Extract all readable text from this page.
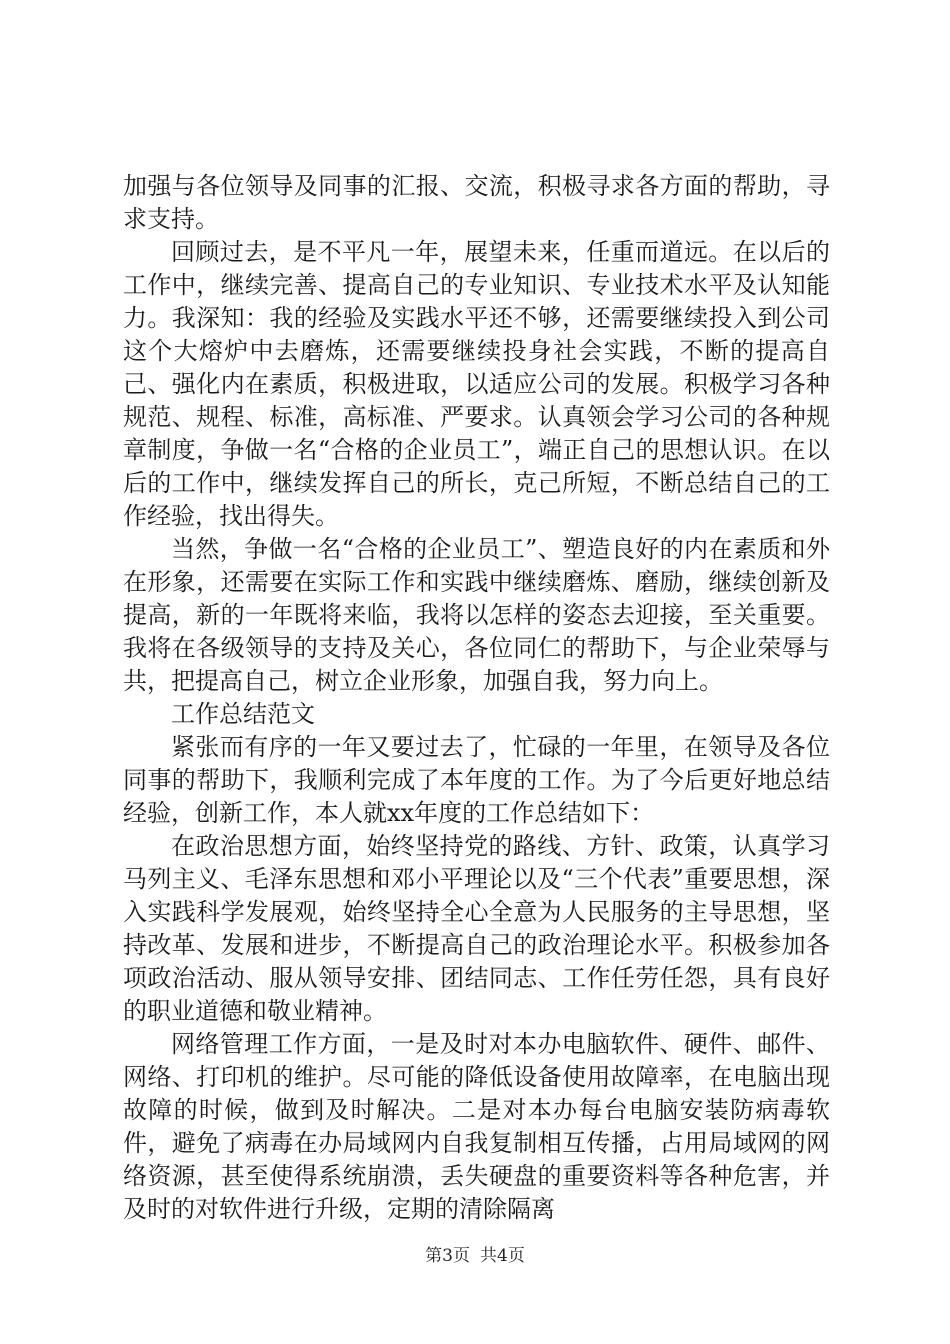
加强与各位领导及同事的汇报、交流，积极寻求各方面的帮助，寻求支持。

回顾过去，是不平凡一年，展望未来，任重而道远。在以后的工作中，继续完善、提高自己的专业知识、专业技术水平及认知能力。我深知：我的经验及实践水平还不够，还需要继续投入到公司这个大熔炉中去磨炼，还需要继续投身社会实践，不断的提高自己、强化内在素质，积极进取，以适应公司的发展。积极学习各种规范、规程、标准，高标准、严要求。认真领会学习公司的各种规章制度，争做一名“合格的企业员工”，端正自己的思想认识。在以后的工作中，继续发挥自己的所长，克己所短，不断总结自己的工作经验，找出得失。

当然，争做一名“合格的企业员工”、塑造良好的内在素质和外在形象，还需要在实际工作和实践中继续磨炼、磨励，继续创新及提高，新的一年既将来临，我将以怎样的姿态去迎接，至关重要。我将在各级领导的支持及关心，各位同仁的帮助下，与企业荣辱与共，把提高自己，树立企业形象，加强自我，努力向上。

工作总结范文

紧张而有序的一年又要过去了，忙碌的一年里，在领导及各位同事的帮助下，我顺利完成了本年度的工作。为了今后更好地总结经验，创新工作，本人就xx年度的工作总结如下：

在政治思想方面，始终坚持党的路线、方针、政策，认真学习马列主义、毛泽东思想和邓小平理论以及“三个代表”重要思想，深入实践科学发展观，始终坚持全心全意为人民服务的主导思想，坚持改革、发展和进步，不断提高自己的政治理论水平。积极参加各项政治活动、服从领导安排、团结同志、工作任劳任怨，具有良好的职业道德和敬业精神。

网络管理工作方面，一是及时对本办电脑软件、硬件、邮件、网络、打印机的维护。尽可能的降低设备使用故障率，在电脑出现故障的时候，做到及时解决。二是对本办每台电脑安装防病毒软件，避免了病毒在办局域网内自我复制相互传播，占用局域网的网络资源，甚至使得系统崩溃，丢失硬盘的重要资料等各种危害，并及时的对软件进行升级，定期的清除隔离

第3页 共4页
